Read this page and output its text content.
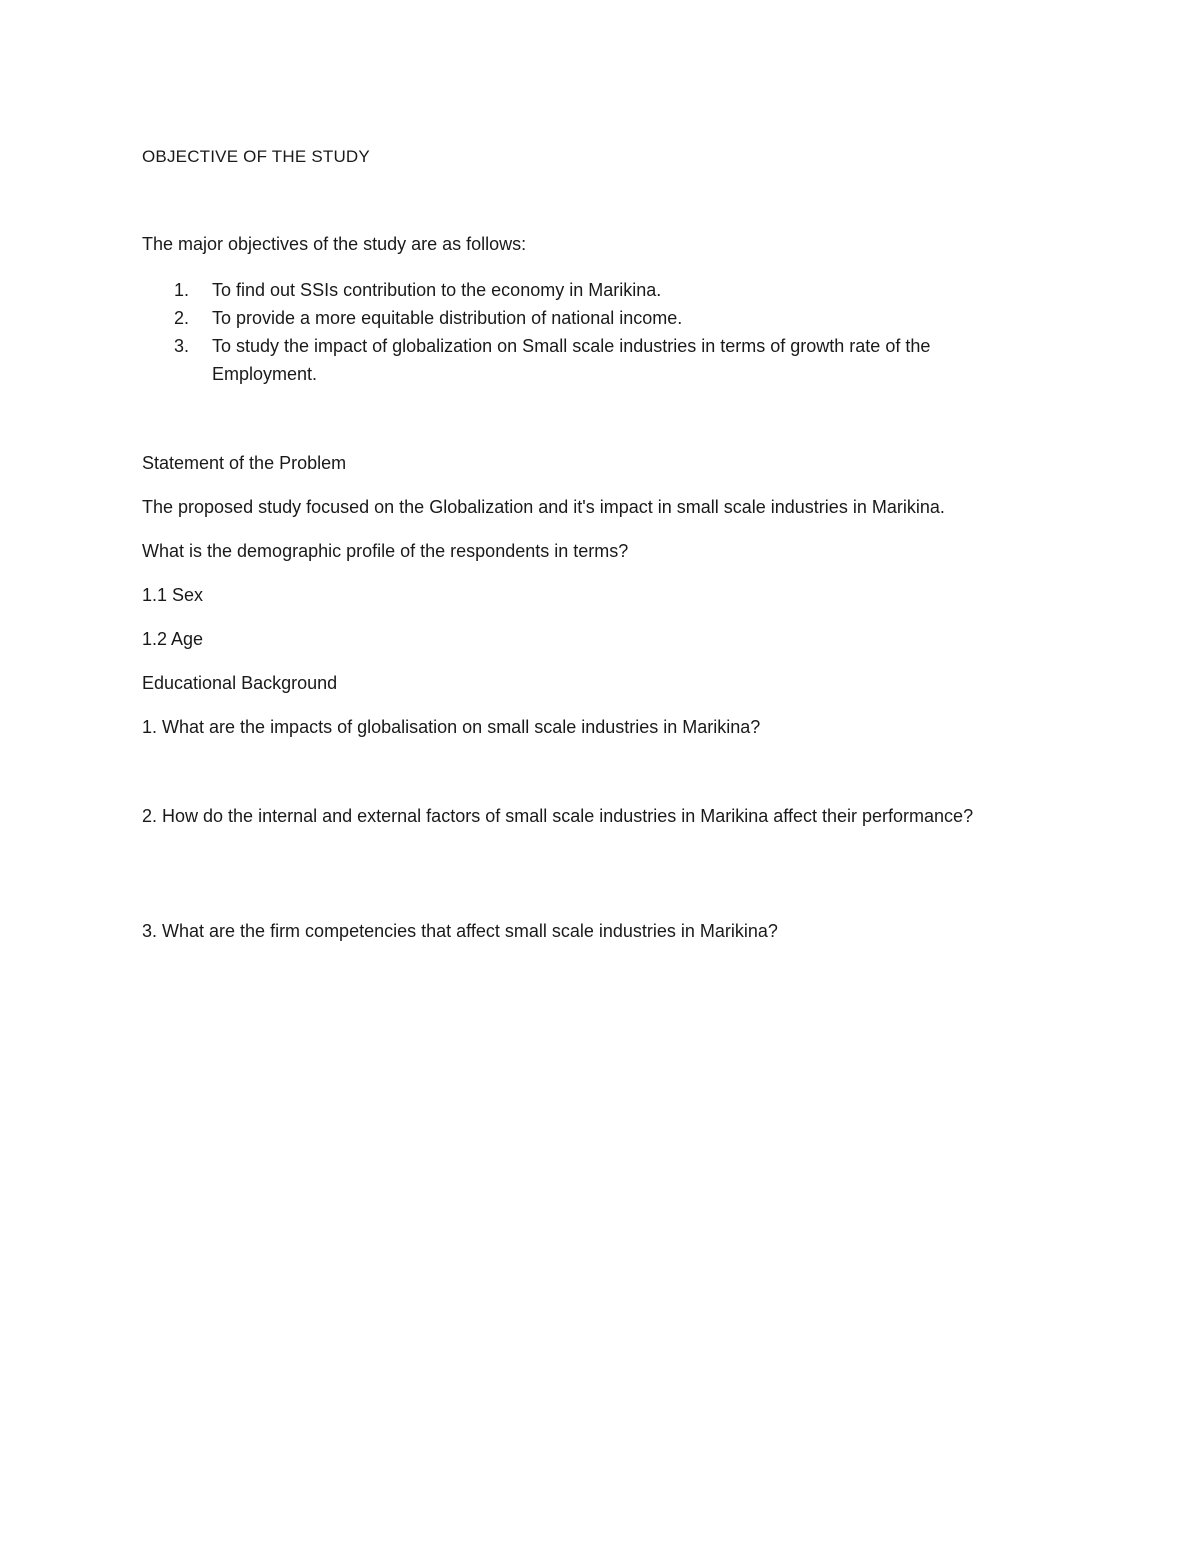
OBJECTIVE OF THE STUDY
The major objectives of the study are as follows:
1. To find out SSIs contribution to the economy in Marikina.
2. To provide a more equitable distribution of national income.
3. To study the impact of globalization on Small scale industries in terms of growth rate of the Employment.
Statement of the Problem
The proposed study focused on the Globalization and it's impact in small scale industries in Marikina.
What is the demographic profile of the respondents in terms?
1.1 Sex
1.2 Age
Educational Background
1. What are the impacts of globalisation on small scale industries in Marikina?
2. How do the internal and external factors of small scale industries in Marikina affect their performance?
3. What are the firm competencies that affect small scale industries in Marikina?
